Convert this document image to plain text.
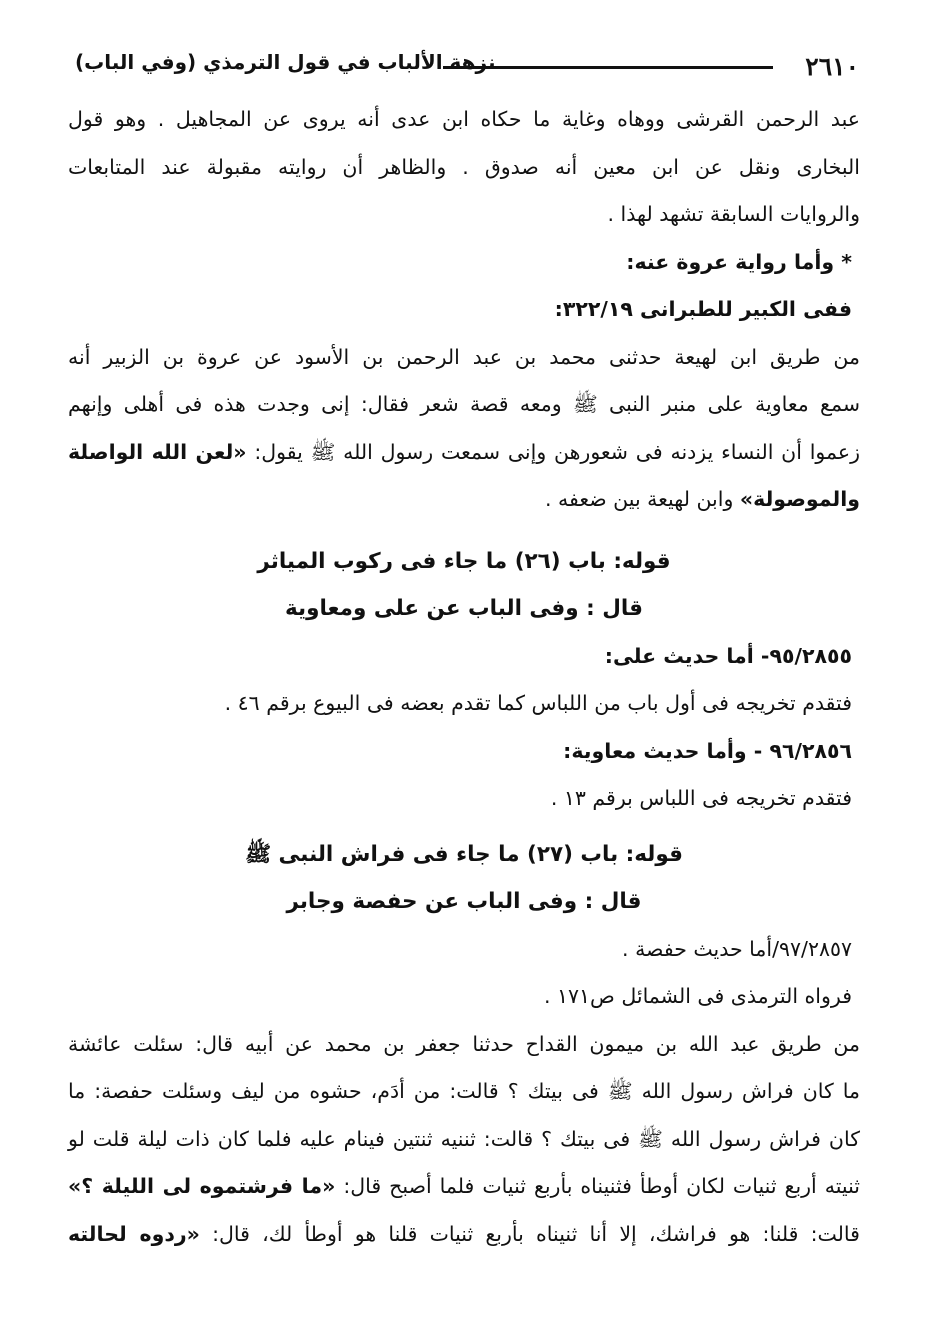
٢٦١٠
نزهة الألباب في قول الترمذي (وفي الباب)
عبد الرحمن القرشى ووهاه وغاية ما حكاه ابن عدى أنه يروى عن المجاهيل . وهو قول
البخارى ونقل عن ابن معين أنه صدوق . والظاهر أن روايته مقبولة عند المتابعات
والروايات السابقة تشهد لهذا .
* وأما رواية عروة عنه:
ففى الكبير للطبرانى ٣٢٢/١٩:
من طريق ابن لهيعة حدثنى محمد بن عبد الرحمن بن الأسود عن عروة بن الزبير أنه
سمع معاوية على منبر النبى ﷺ ومعه قصة شعر فقال: إنى وجدت هذه فى أهلى وإنهم
زعموا أن النساء يزدنه فى شعورهن وإنى سمعت رسول الله ﷺ يقول: «لعن الله الواصلة
والموصولة» وابن لهيعة بين ضعفه .
قوله: باب (٢٦) ما جاء فى ركوب المياثر
قال : وفى الباب عن على ومعاوية
٩٥/٢٨٥٥- أما حديث على:
فتقدم تخريجه فى أول باب من اللباس كما تقدم بعضه فى البيوع برقم ٤٦ .
٩٦/٢٨٥٦ - وأما حديث معاوية:
فتقدم تخريجه فى اللباس برقم ١٣ .
قوله: باب (٢٧) ما جاء فى فراش النبى ﷺ
قال : وفى الباب عن حفصة وجابر
٩٧/٢٨٥٧/أما حديث حفصة .
فرواه الترمذى فى الشمائل ص١٧١ .
من طريق عبد الله بن ميمون القداح حدثنا جعفر بن محمد عن أبيه قال: سئلت عائشة
ما كان فراش رسول الله ﷺ فى بيتك ؟ قالت: من أدَم، حشوه من ليف وسئلت حفصة: ما
كان فراش رسول الله ﷺ فى بيتك ؟ قالت: ثننيه ثنتين فينام عليه فلما كان ذات ليلة قلت لو
ثنيته أربع ثنيات لكان أوطأ فثنيناه بأربع ثنيات فلما أصبح قال: «ما فرشتموه لى الليلة ؟»
قالت: قلنا: هو فراشك، إلا أنا ثنيناه بأربع ثنيات قلنا هو أوطأ لك، قال: «ردوه لحالته
